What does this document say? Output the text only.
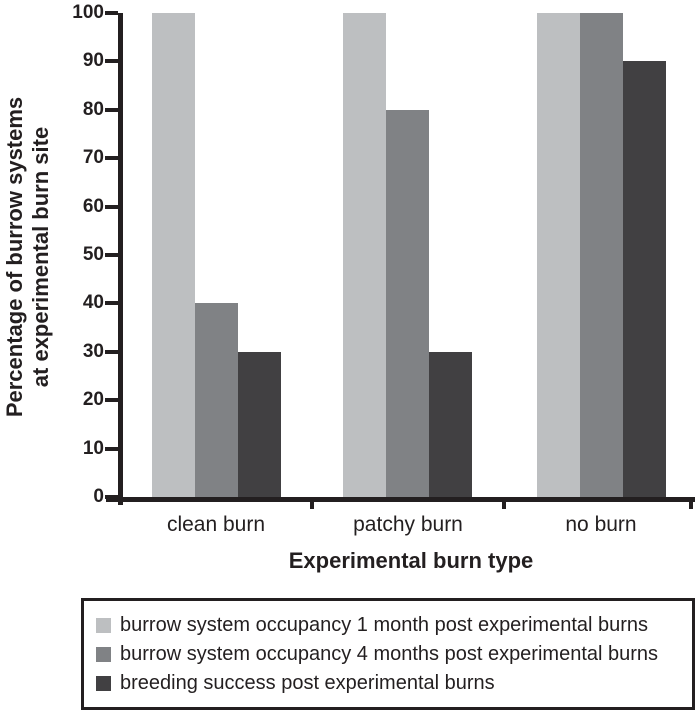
Percentage of burrow systems at experimental burn site
0
10
20
30
40
50
60
70
80
90
100
clean burn	patchy burn	no burn
Experimental burn type
burrow system occupancy 1 month post experimental burns
burrow system occupancy 4 months post experimental burns
breeding success post experimental burns
